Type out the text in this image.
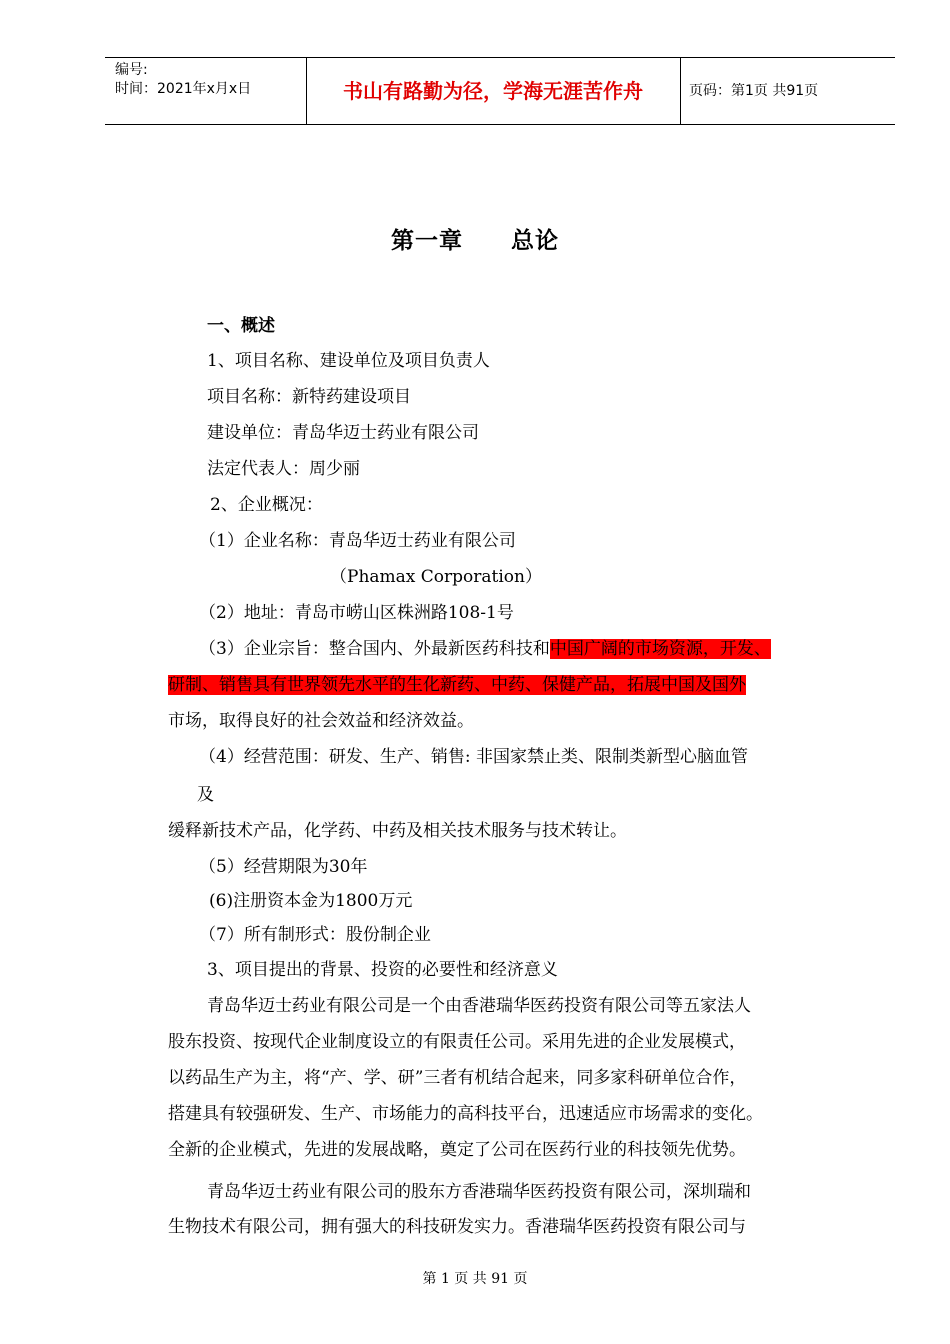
编号:
时间：2021年x月x日	书山有路勤为径，学海无涯苦作舟	页码：第1页 共91页
第一章 总论
一、概述
1、项目名称、建设单位及项目负责人
项目名称：新特药建设项目
建设单位：青岛华迈士药业有限公司
法定代表人：周少丽
2、企业概况：
（1）企业名称：青岛华迈士药业有限公司
（Phamax Corporation）
（2）地址：青岛市崂山区株洲路108-1号
（3）企业宗旨：整合国内、外最新医药科技和中国广阔的市场资源，开发、
研制、销售具有世界领先水平的生化新药、中药、保健产品，拓展中国及国外
市场，取得良好的社会效益和经济效益。
（4）经营范围：研发、生产、销售: 非国家禁止类、限制类新型心脑血管
及
缓释新技术产品，化学药、中药及相关技术服务与技术转让。
（5）经营期限为30年
(6)注册资本金为1800万元
（7）所有制形式：股份制企业
3、项目提出的背景、投资的必要性和经济意义
青岛华迈士药业有限公司是一个由香港瑞华医药投资有限公司等五家法人
股东投资、按现代企业制度设立的有限责任公司。采用先进的企业发展模式，
以药品生产为主，将“产、学、研”三者有机结合起来，同多家科研单位合作，
搭建具有较强研发、生产、市场能力的高科技平台，迅速适应市场需求的变化。
全新的企业模式，先进的发展战略，奠定了公司在医药行业的科技领先优势。
青岛华迈士药业有限公司的股东方香港瑞华医药投资有限公司，深圳瑞和
生物技术有限公司，拥有强大的科技研发实力。香港瑞华医药投资有限公司与
第 1 页 共 91 页
